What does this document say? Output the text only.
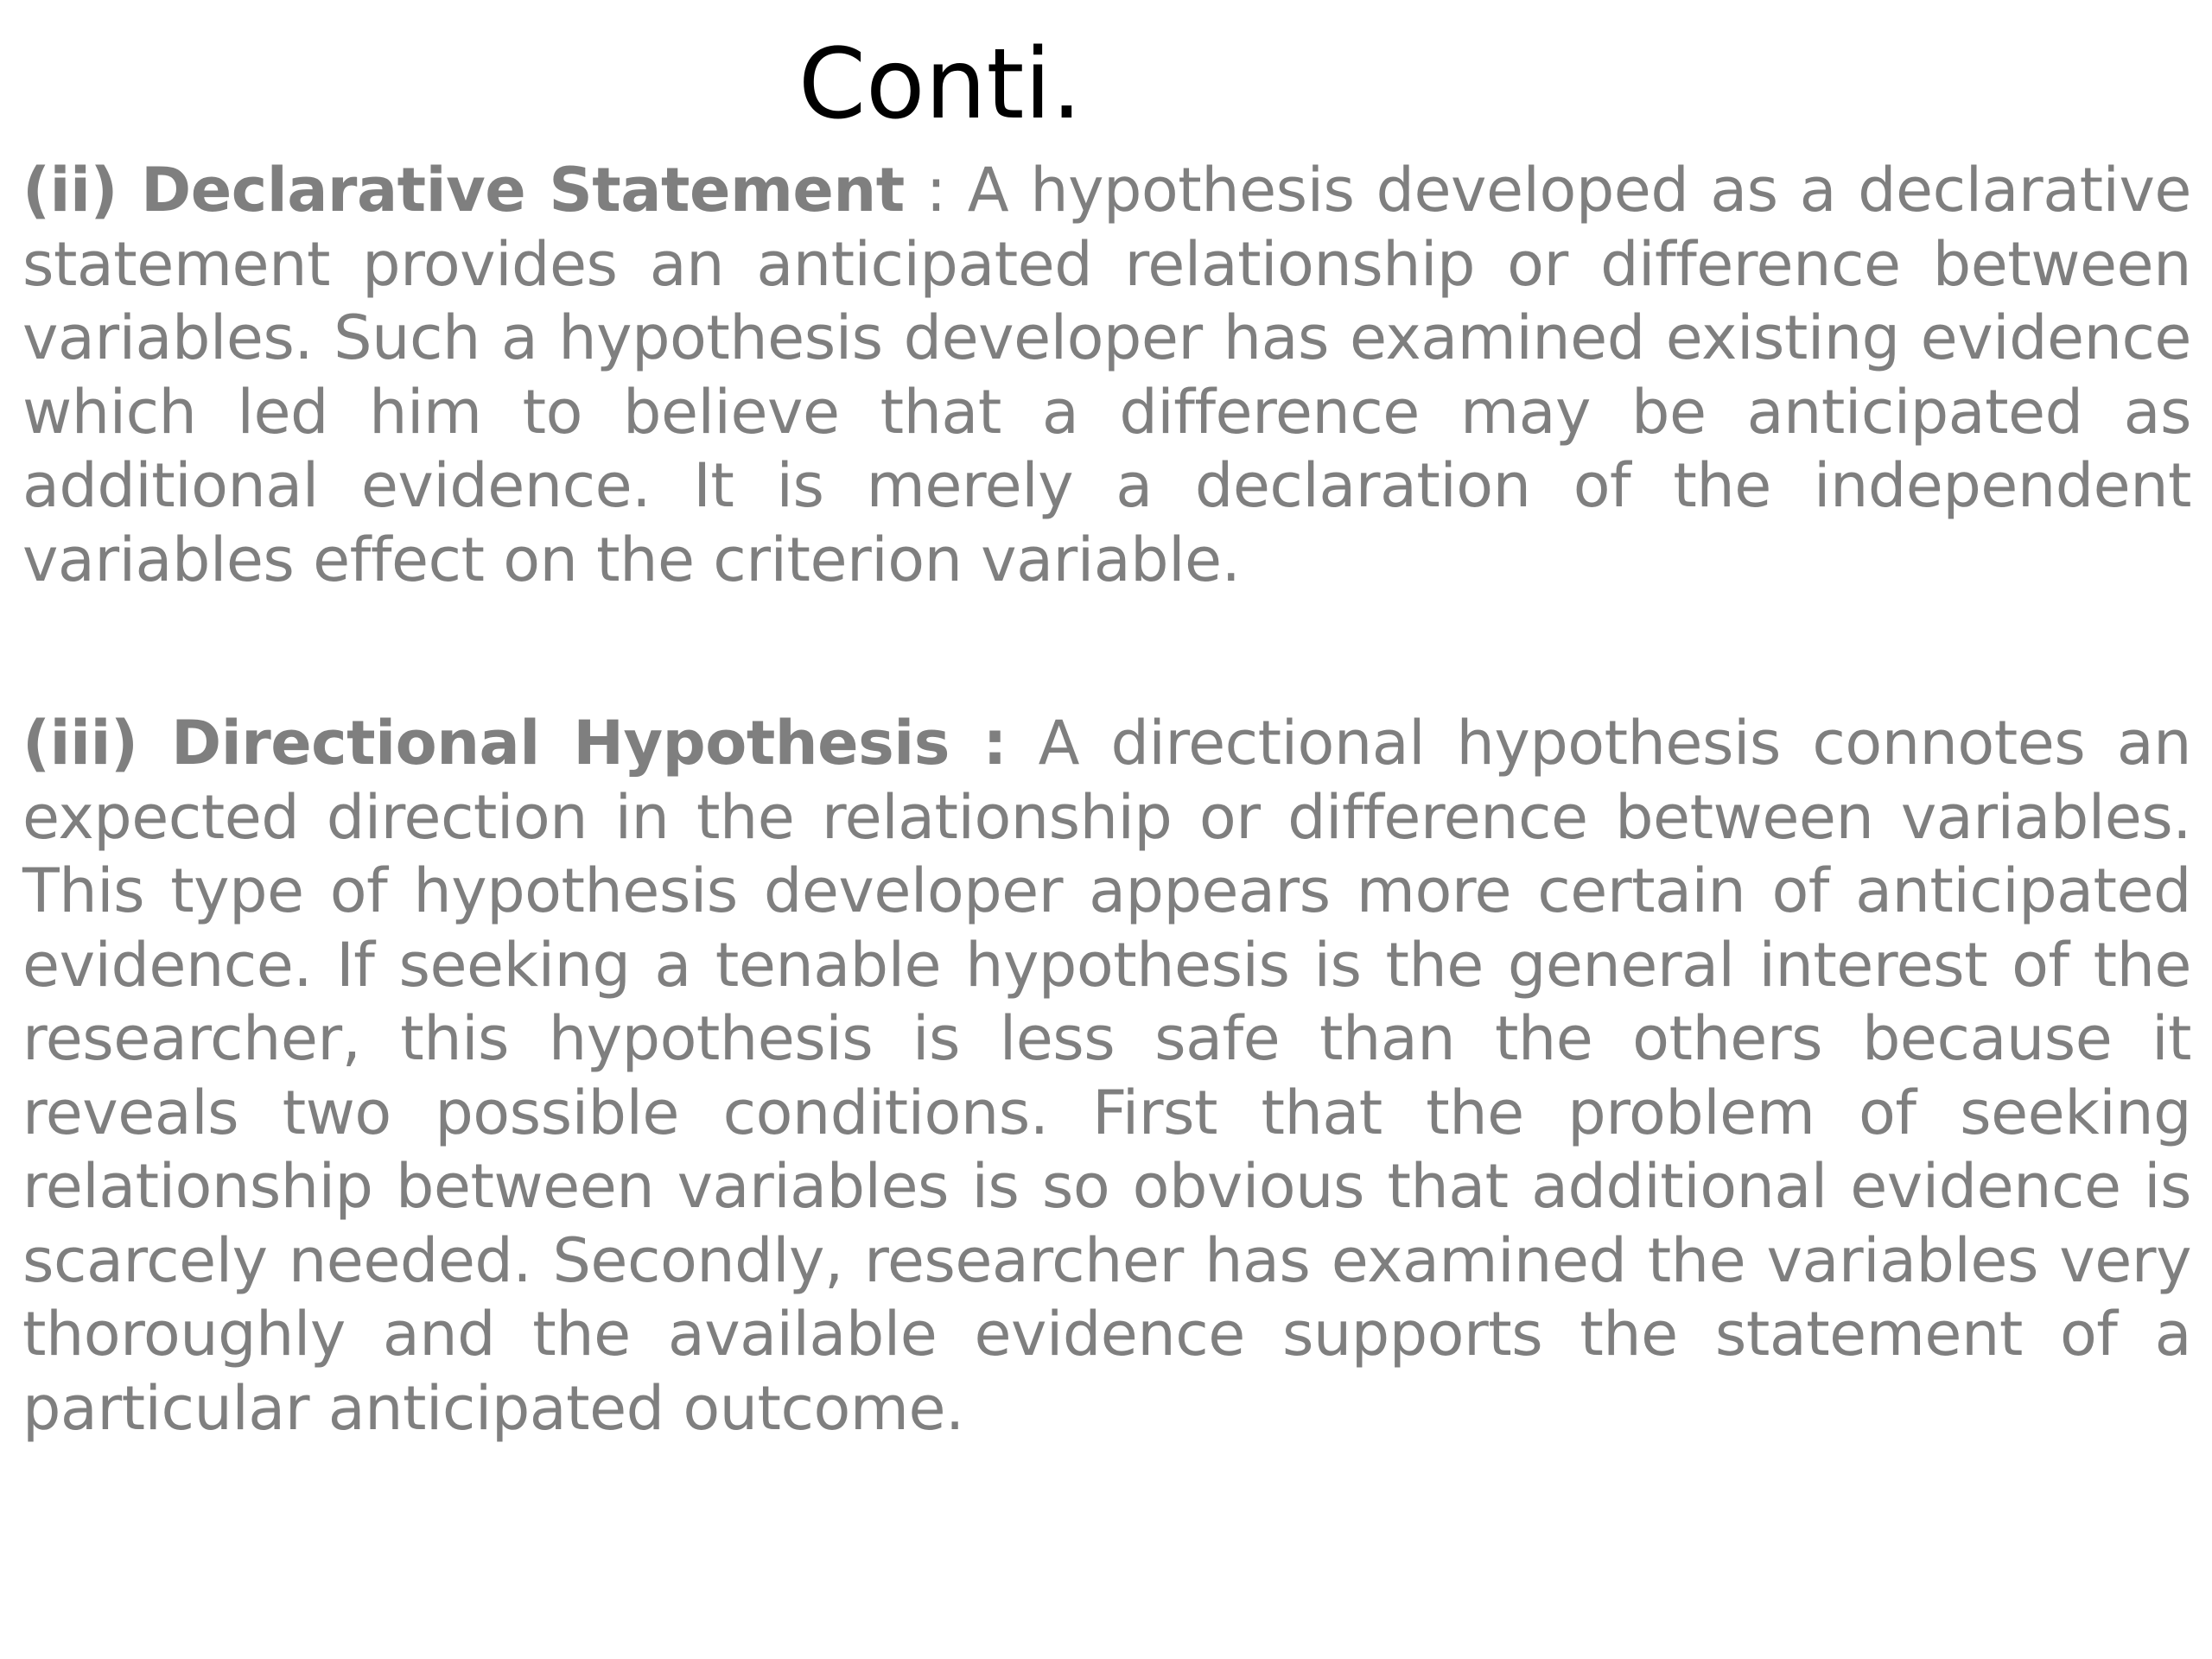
Conti.

(ii) Declarative Statement : A hypothesis developed as a declarative statement provides an anticipated relationship or difference between variables. Such a hypothesis developer has examined existing evidence which led him to believe that a difference may be anticipated as additional evidence. It is merely a declaration of the independent variables effect on the criterion variable.

(iii) Directional Hypothesis : A directional hypothesis connotes an expected direction in the relationship or difference between variables. This type of hypothesis developer appears more certain of anticipated evidence. If seeking a tenable hypothesis is the general interest of the researcher, this hypothesis is less safe than the others because it reveals two possible conditions. First that the problem of seeking relationship between variables is so obvious that additional evidence is scarcely needed. Secondly, researcher has examined the variables very thoroughly and the available evidence supports the statement of a particular anticipated outcome.
